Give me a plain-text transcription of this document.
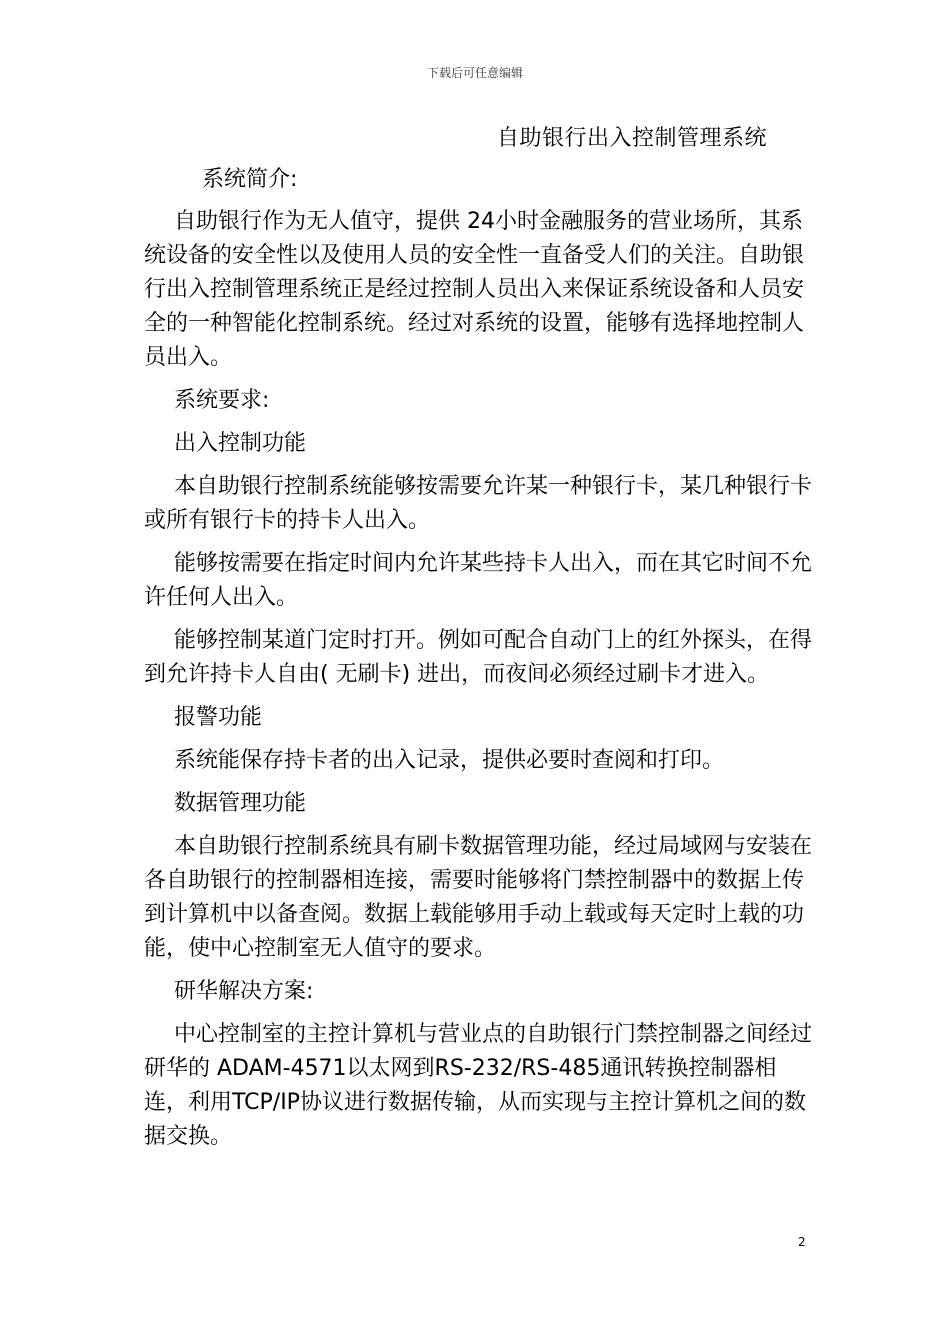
下载后可任意编辑
自助银行出入控制管理系统

系统简介:

自助银行作为无人值守，提供 24小时金融服务的营业场所，其系统设备的安全性以及使用人员的安全性一直备受人们的关注。自助银行出入控制管理系统正是经过控制人员出入来保证系统设备和人员安全的一种智能化控制系统。经过对系统的设置，能够有选择地控制人员出入。

系统要求:

出入控制功能

本自助银行控制系统能够按需要允许某一种银行卡，某几种银行卡或所有银行卡的持卡人出入。

能够按需要在指定时间内允许某些持卡人出入，而在其它时间不允许任何人出入。

能够控制某道门定时打开。例如可配合自动门上的红外探头，在得到允许持卡人自由( 无刷卡) 进出，而夜间必须经过刷卡才进入。

报警功能

系统能保存持卡者的出入记录，提供必要时查阅和打印。

数据管理功能

本自助银行控制系统具有刷卡数据管理功能，经过局域网与安装在各自助银行的控制器相连接，需要时能够将门禁控制器中的数据上传到计算机中以备查阅。数据上载能够用手动上载或每天定时上载的功能，使中心控制室无人值守的要求。

研华解决方案:

中心控制室的主控计算机与营业点的自助银行门禁控制器之间经过研华的 ADAM-4571以太网到RS-232/RS-485通讯转换控制器相连，利用TCP/IP协议进行数据传输，从而实现与主控计算机之间的数据交换。

2
